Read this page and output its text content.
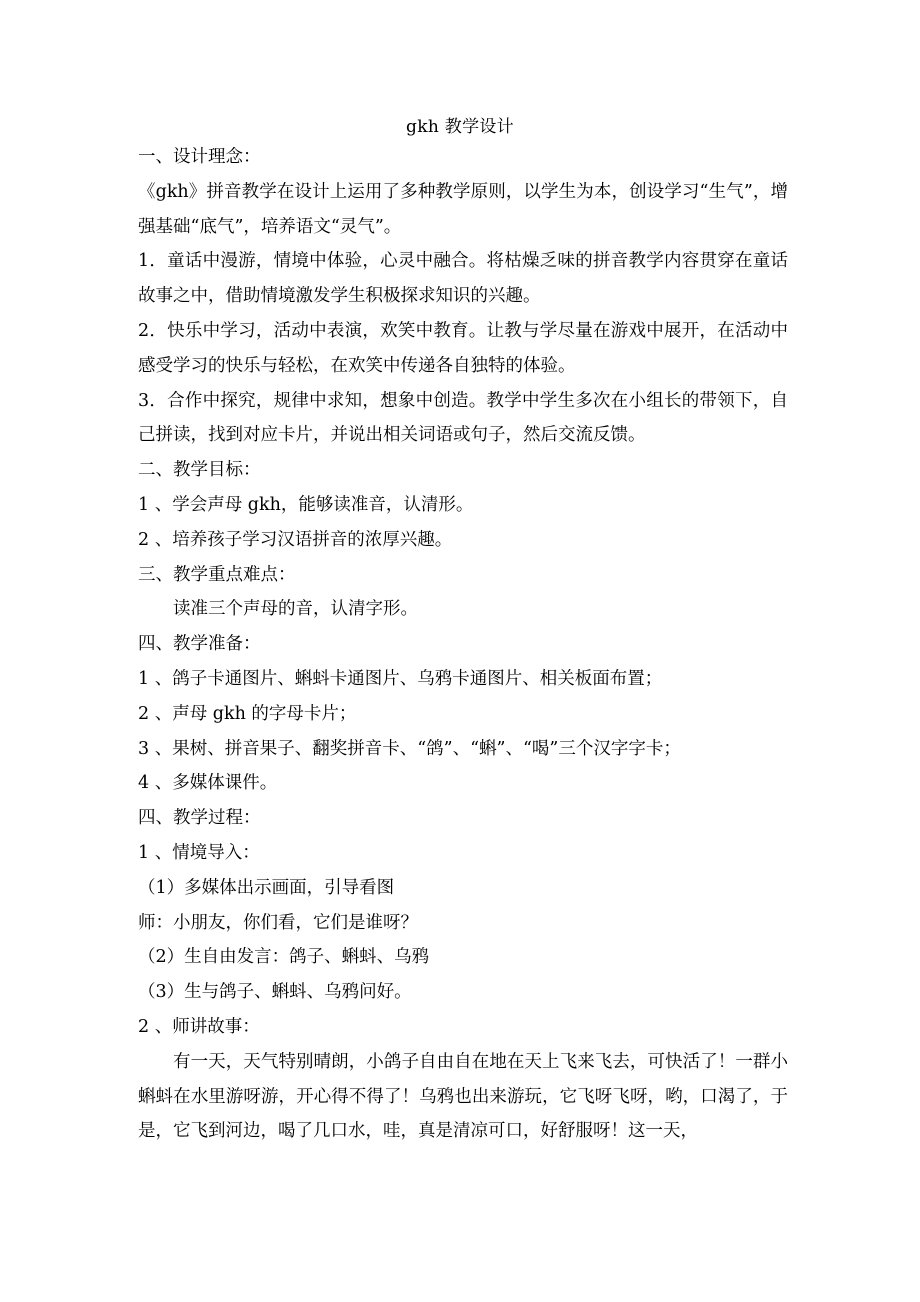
gkh 教学设计

一、设计理念：

《gkh》拼音教学在设计上运用了多种教学原则，以学生为本，创设学习“生气”，增强基础“底气”，培养语文“灵气”。

1．童话中漫游，情境中体验，心灵中融合。将枯燥乏味的拼音教学内容贯穿在童话故事之中，借助情境激发学生积极探求知识的兴趣。

2．快乐中学习，活动中表演，欢笑中教育。让教与学尽量在游戏中展开，在活动中感受学习的快乐与轻松，在欢笑中传递各自独特的体验。

3．合作中探究，规律中求知，想象中创造。教学中学生多次在小组长的带领下，自己拼读，找到对应卡片，并说出相关词语或句子，然后交流反馈。

二、教学目标：

1 、学会声母 gkh，能够读准音，认清形。

2 、培养孩子学习汉语拼音的浓厚兴趣。

三、教学重点难点：

读准三个声母的音，认清字形。

四、教学准备：

1 、鸽子卡通图片、蝌蚪卡通图片、乌鸦卡通图片、相关板面布置；

2 、声母 gkh 的字母卡片；

3 、果树、拼音果子、翻奖拼音卡、“鸽”、“蝌”、“喝”三个汉字字卡；

4 、多媒体课件。

四、教学过程：

1 、情境导入：

（1）多媒体出示画面，引导看图

师：小朋友，你们看，它们是谁呀？

（2）生自由发言：鸽子、蝌蚪、乌鸦

（3）生与鸽子、蝌蚪、乌鸦问好。

2 、师讲故事：

有一天，天气特别晴朗，小鸽子自由自在地在天上飞来飞去，可快活了！一群小蝌蚪在水里游呀游，开心得不得了！乌鸦也出来游玩，它飞呀飞呀，哟，口渴了，于是，它飞到河边，喝了几口水，哇，真是清凉可口，好舒服呀！这一天，
